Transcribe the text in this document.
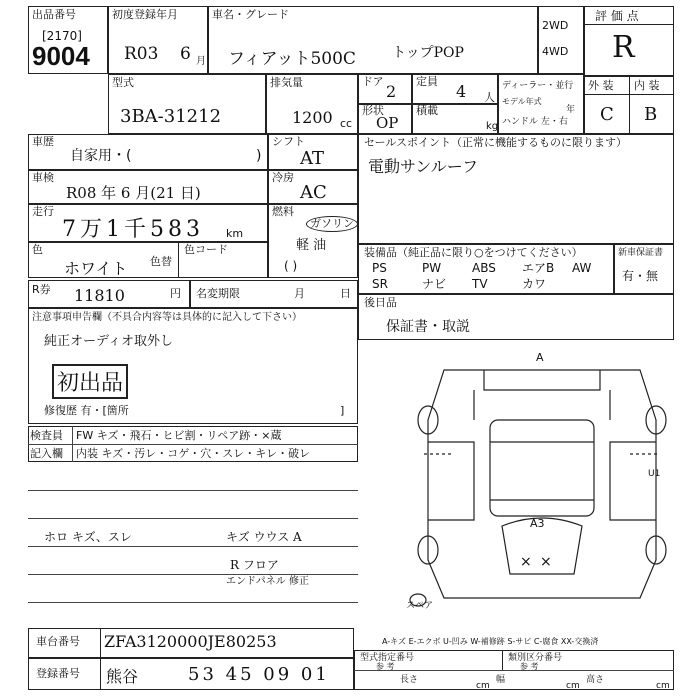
出品番号
[2170]
9004
初度登録年月
R03 6 月
車名・グレード
フィアット500C	トップPOP
2WD
4WD
評 価 点
R
型式
3BA-31212
排気量
1200 cc
ドア
2
定員
4 人
形状
OP
積載
kg
ディーラー・並行
モデル年式
年
ハンドル 左・右
外 装 内 装
C B
車歴
自家用・(	)
シフト
AT
セールスポイント（正常に機能するものに限ります）
電動サンルーフ
車検
R08 年 6 月(21 日)
冷房
AC
走行
7万1千583 km
燃料
ガソリン
軽 油
( )
色
ホワイト 色替
色コード	装備品（純正品に限り○をつけてください）
PS	PW	ABS エアB AW
SR	ナビ TV	カワ
新車保証書
有・無
R券 11810	円 名変期限	月	日
後日品
保証書・取説
注意事項申告欄（不具合内容等は具体的に記入して下さい）
純正オーディオ取外し
初出品
修復歴 有・[箇所	]
検査員
記入欄
FW キズ・飛石・ヒビ割・リペア跡・×蔵
内装 キズ・汚レ・コゲ・穴・スレ・キレ・破レ
ホロ キズ、スレ	キズ ウウス A
R フロア
エンドパネル 修正
A
U1
A3
× ×
スペア
A-キズ E-エクボ U-凹み W-補修跡 S-サビ C-腐食 XX-交換済
車台番号 ZFA3120000JE80253
登録番号 熊谷	53 45 09 01
型式指定番号
参 考
類別区分番号
参 考
長さ
cm
幅
cm
高さ
cm
